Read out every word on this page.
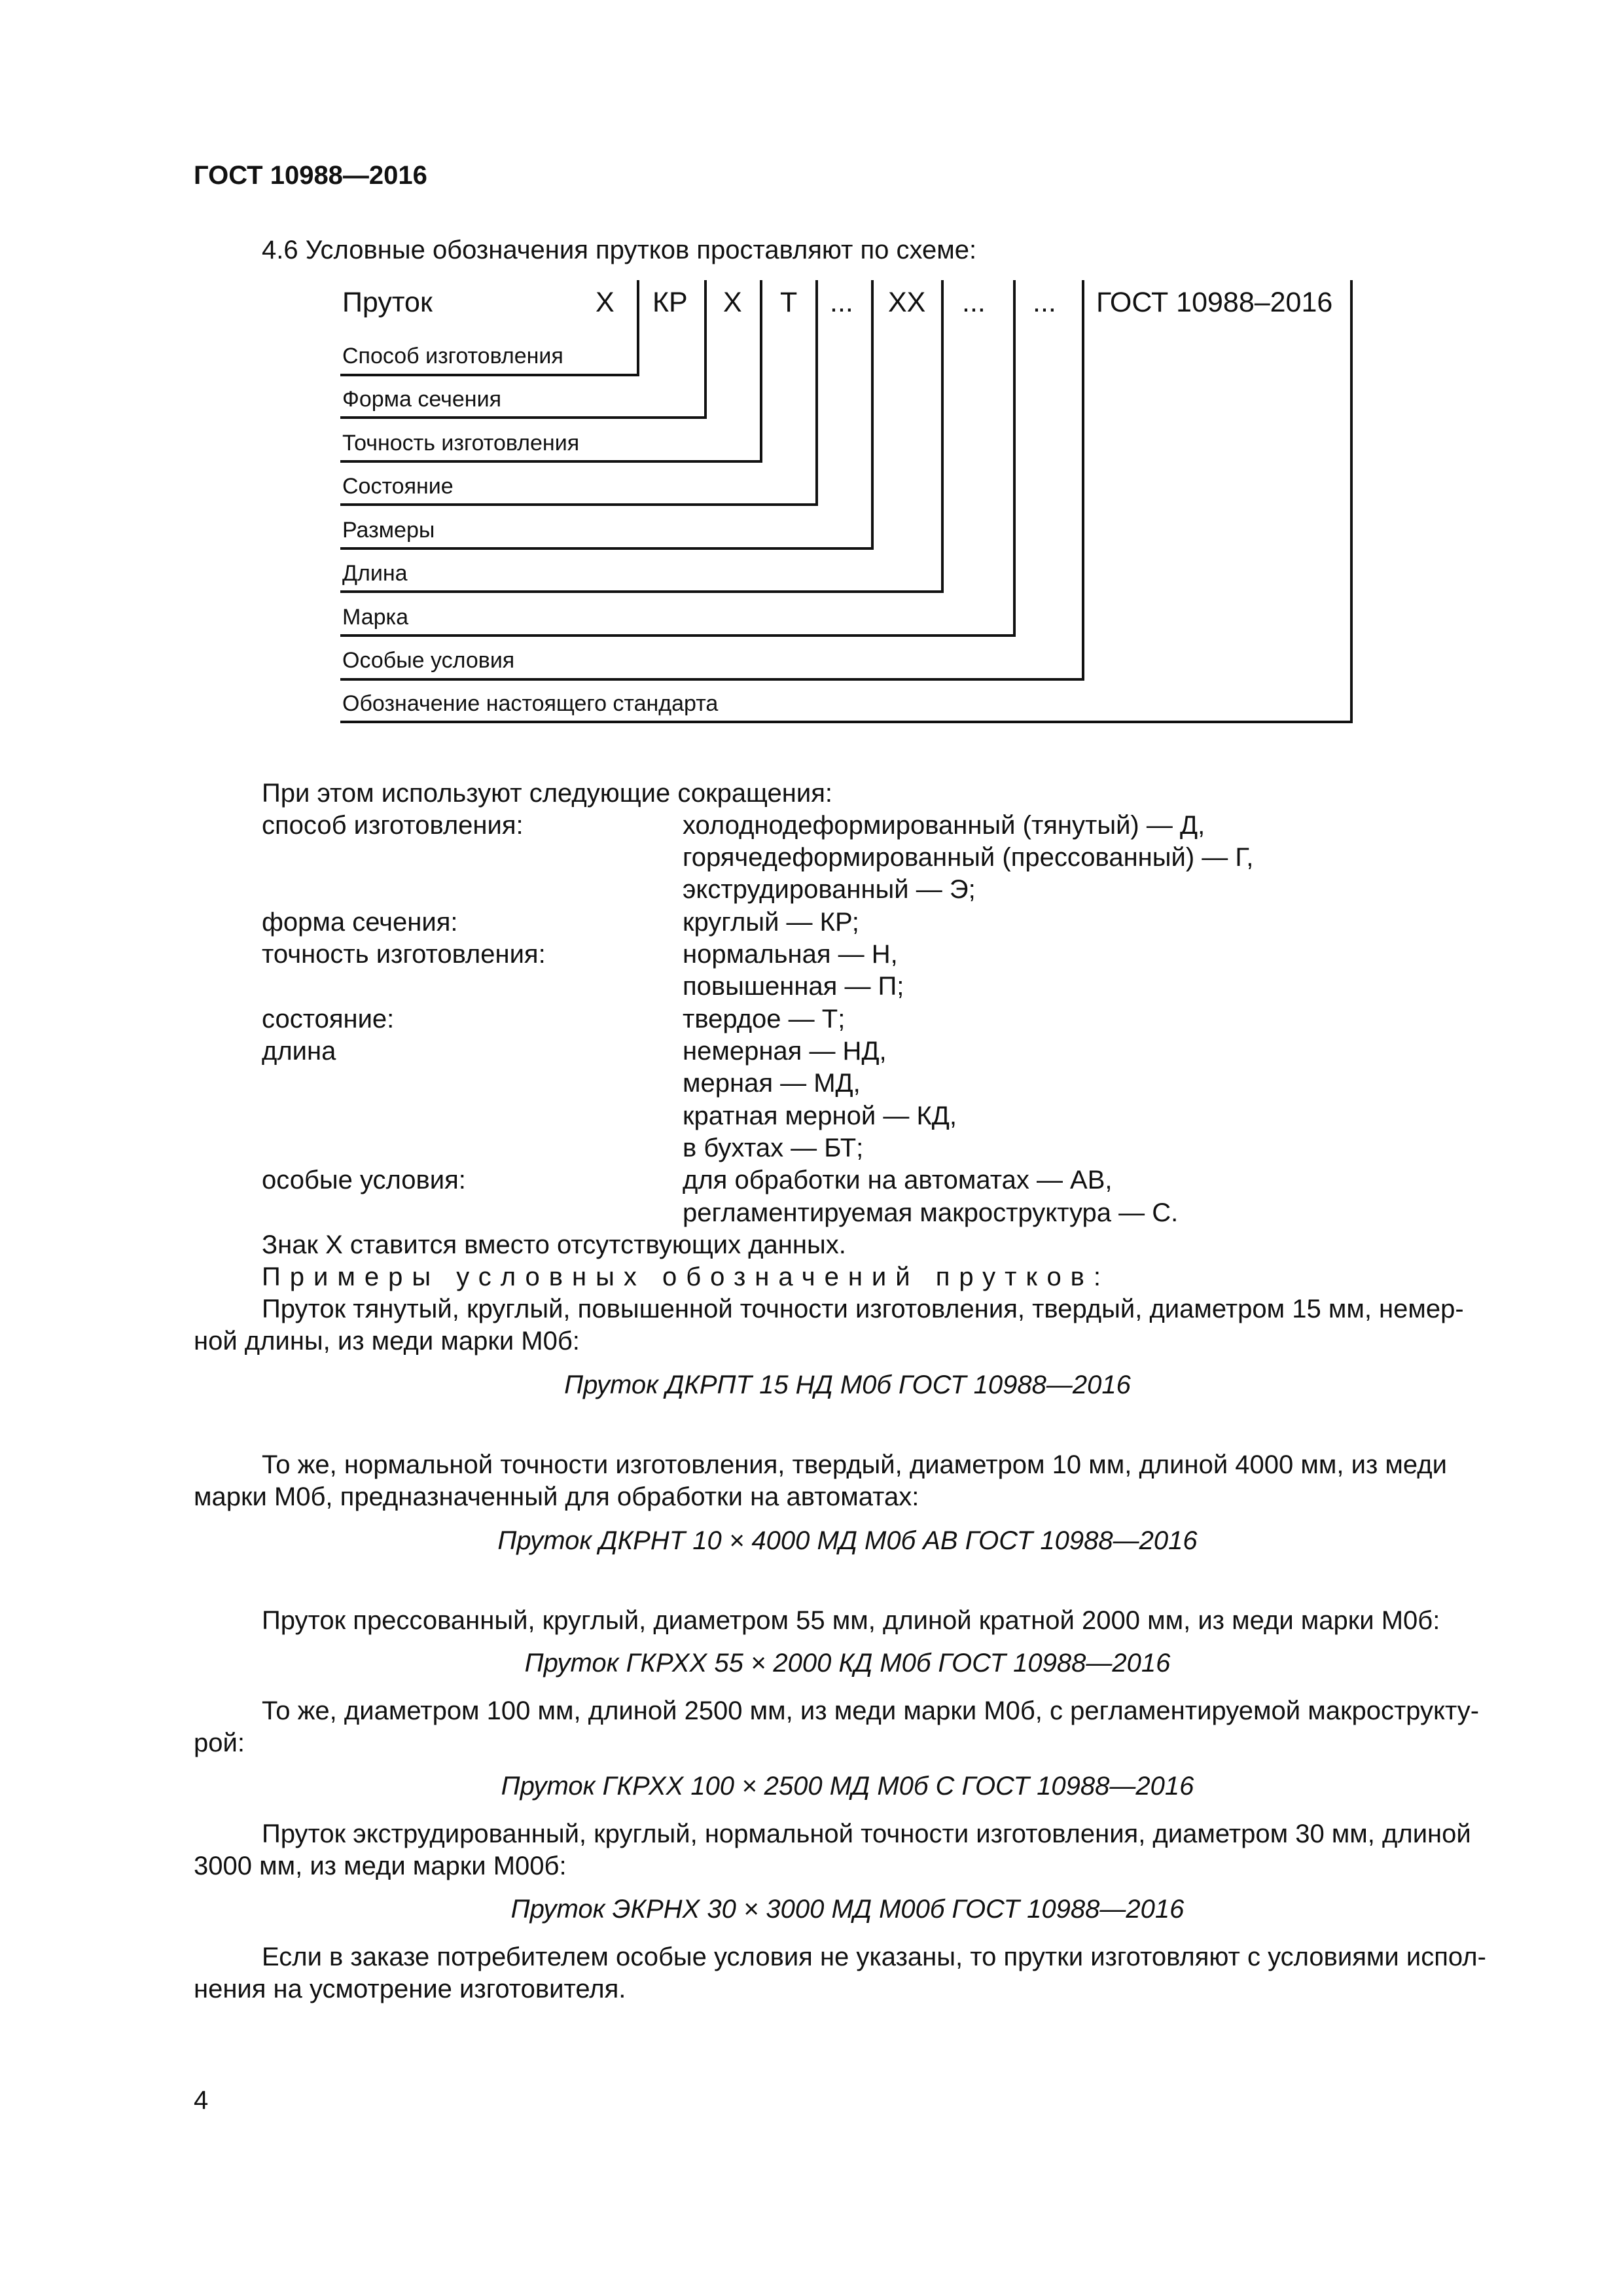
ГОСТ 10988—2016
4.6 Условные обозначения прутков проставляют по схеме:
Пруток	X КР X Т ... XX ... ... ГОСТ 10988–2016
Способ изготовления
Форма сечения
Точность изготовления
Состояние
Размеры
Длина
Марка
Особые условия
Обозначение настоящего стандарта
При этом используют следующие сокращения:
способ изготовления:	холоднодеформированный (тянутый) — Д,
горячедеформированный (прессованный) — Г,
экструдированный — Э;
форма сечения:	круглый — КР;
точность изготовления:	нормальная — Н,
повышенная — П;
состояние:	твердое — Т;
длина	немерная — НД,
мерная — МД,
кратная мерной — КД,
в бухтах — БТ;
особые условия:	для обработки на автоматах — АВ,
регламентируемая макроструктура — С.
Знак X ставится вместо отсутствующих данных.
Примеры условных обозначений прутков:
Пруток тянутый, круглый, повышенной точности изготовления, твердый, диаметром 15 мм, немер-
ной длины, из меди марки М0б:
Пруток ДКРПТ 15 НД М0б ГОСТ 10988—2016
То же, нормальной точности изготовления, твердый, диаметром 10 мм, длиной 4000 мм, из меди
марки М0б, предназначенный для обработки на автоматах:
Пруток ДКРНТ 10 × 4000 МД М0б АВ ГОСТ 10988—2016
Пруток прессованный, круглый, диаметром 55 мм, длиной кратной 2000 мм, из меди марки М0б:
Пруток ГКРХХ 55 × 2000 КД М0б ГОСТ 10988—2016
То же, диаметром 100 мм, длиной 2500 мм, из меди марки М0б, с регламентируемой макрострукту-
рой:
Пруток ГКРХХ 100 × 2500 МД М0б С ГОСТ 10988—2016
Пруток экструдированный, круглый, нормальной точности изготовления, диаметром 30 мм, длиной
3000 мм, из меди марки М00б:
Пруток ЭКРНХ 30 × 3000 МД М00б ГОСТ 10988—2016
Если в заказе потребителем особые условия не указаны, то прутки изготовляют с условиями испол-
нения на усмотрение изготовителя.
4
